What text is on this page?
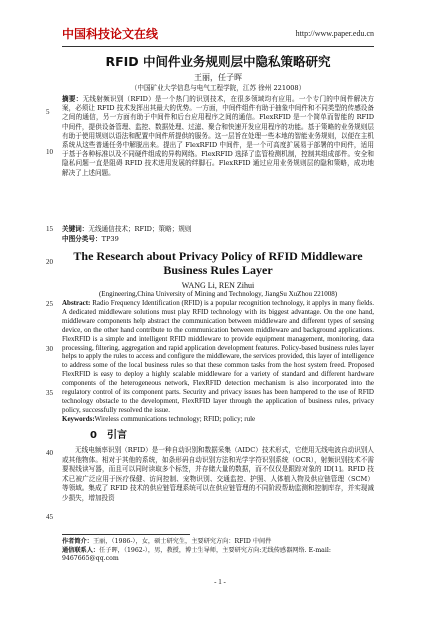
中国科技论文在线	http://www.paper.edu.cn
RFID 中间件业务规则层中隐私策略研究
王丽，任子晖
（中国矿业大学信息与电气工程学院，江苏 徐州 221008）
摘要：无线射频识别（RFID）是一个热门的识别技术，在很多领域均有应用。一个专门的中间件解决方案，必须让 RFID 技术发挥出其最大的优势。一方面，中间件组件有助于抽象中间件和不同类型的传感设备之间的通信，另一方面有助于中间件和后台应用程序之间的通信。FlexRFID 是一个简单而智能的 RFID 中间件，提供设备管理、监控、数据处理、过滤、聚合和快速开发应用程序的功能。基于策略的业务规则层有助于使用规则以语法和配置中间件所提供的服务。这一层旨在处理一些本地的智能业务规则，以便在主机系统从这些普通任务中解脱出来。提出了 FlexRFID 中间件，是一个可高度扩展易于部署的中间件，适用于基于各种标准以及不同硬件组成的异构网络。FlexRFID 选择了监管检测机制，控制其组成部件。安全和隐私问题一直是阻碍 RFID 技术进用发展的绊脚石。FlexRFID 通过应用业务规则层的隐和策略，成功地解决了上述问题。
关键词：无线通信技术；RFID；策略；规则
中图分类号：TP39
5
10
15
20
25
30
35
40
45
The Research about Privacy Policy of RFID Middleware
Business Rules Layer
WANG Li, REN Zihui
(Engineering,China University of Mining and Technology, JiangSu XuZhou 221008)
Abstract: Radio Frequency Identification (RFID) is a popular recognition technology, it applys in many fields. A dedicated middleware solutions must play RFID technology with its biggest advantage. On the one hand, middleware components help abstract the communication between middleware and different types of sensing device, on the other hand contribute to the communication between middleware and background applications. FlexRFID is a simple and intelligent RFID middleware to provide equipment management, monitoring, data processing, filtering, aggregation and rapid application development features. Policy-based business rules layer helps to apply the rules to access and configure the middleware, the services provided, this layer of intelligence to address some of the local business rules so that these common tasks from the host system freed. Proposed FlexRFID is easy to deploy a highly scalable middleware for a variety of standard and different hardware components of the heterogeneous network, FlexRFID detection mechanism is also incorporated into the regulatory control of its component parts. Security and privacy issues has been hampered to the use of RFID technology obstacle to the development, FlexRFID layer through the application of business rules, privacy policy, successfully resolved the issue.
Keywords:Wireless communications technology; RFID; policy; rule
0 引言
无线电频率识别（RFID）是一种自动识别和数据采集（AIDC）技术形式，它使用无线电波自动识别人或其他物体。相对于其他的系统，如条形码自动识别方法和光学字符识别系统（OCR），射频识别技术不需要视线读写器，而且可以同时读取多个标签，并存储大量的数据，而不仅仅是跟踪对象的 ID[1]。RFID 技术已被广泛应用于医疗保健、访问控制、宠物识别、交通监控、护照、人体植入物及供应链管理（SCM）等领域。集成了 RFID 技术的供应链管理系统可以在供应链管理的不同阶段帮助监测和控制库存，并实现减少损失，增加投资
作者简介：王丽，（1986-），女，硕士研究生，主要研究方向：RFID 中间件
通信联系人：任子晖，（1962-），男，教授，博士生导师，主要研究方向:无线传感器网络. E-mail: 9467665@qq.com
- 1 -
